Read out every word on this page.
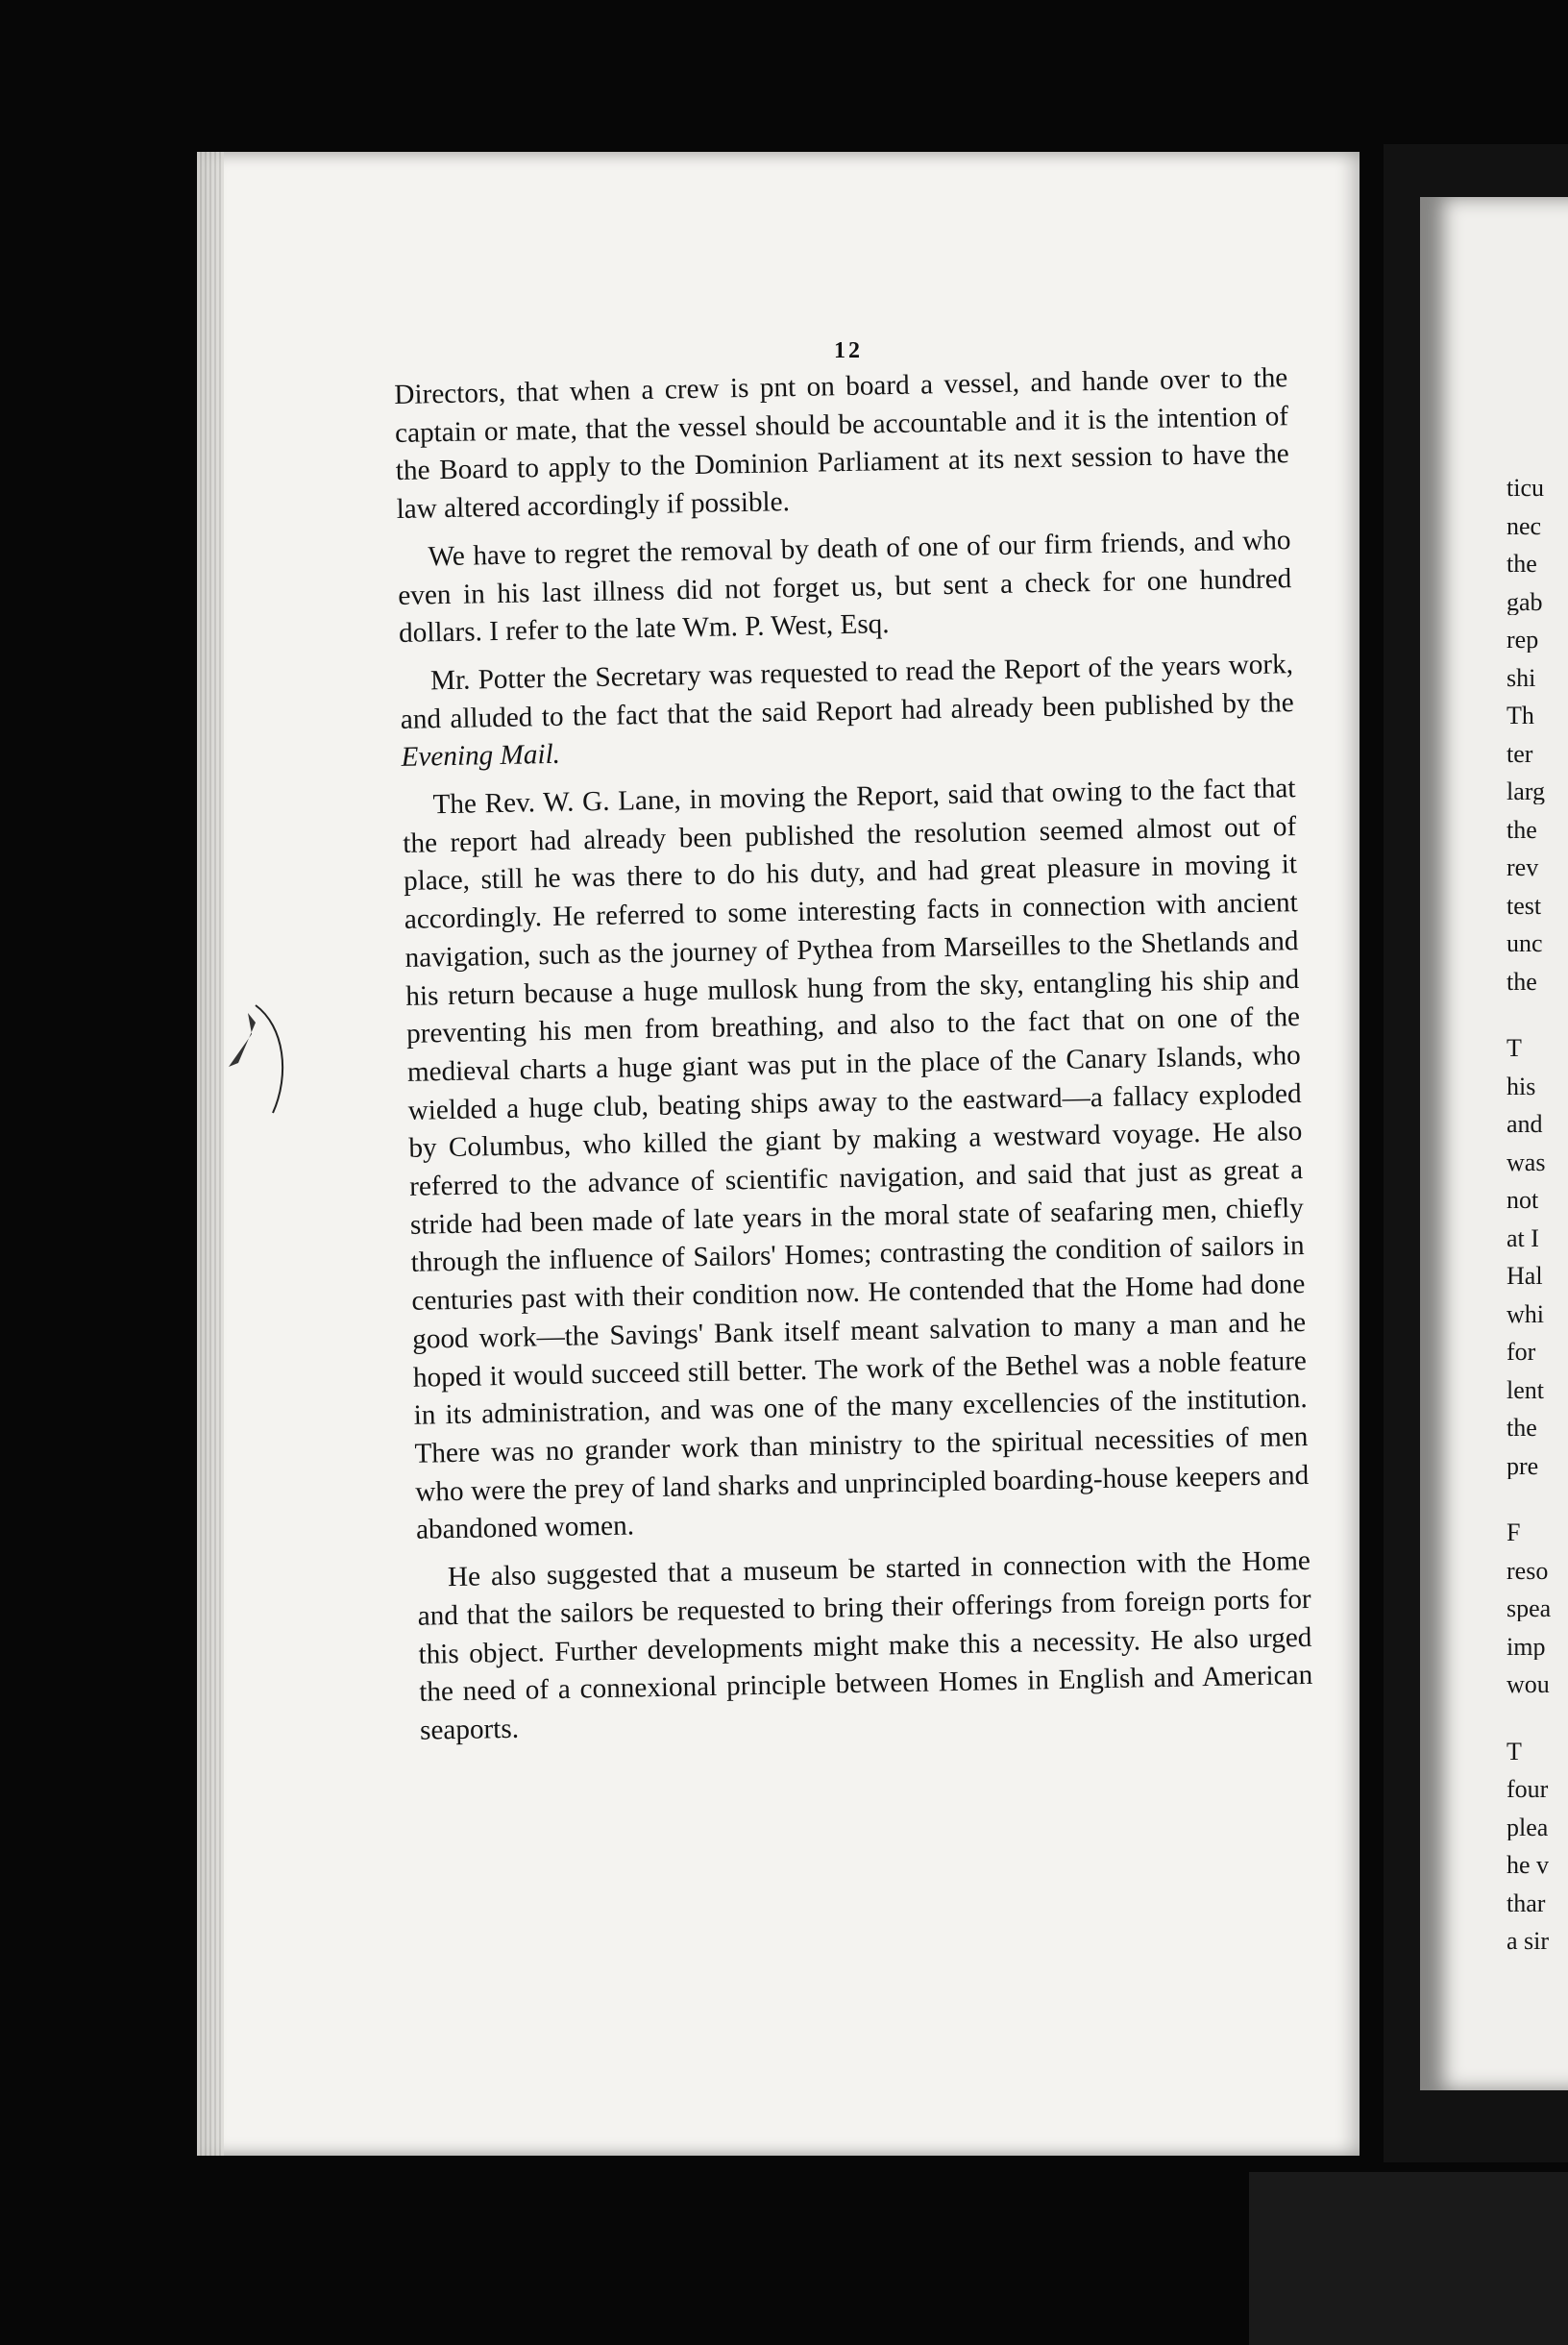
ticu
nec
the
gab
rep
shi
Th
ter
larg
the
rev
test
unc
the
T
his
and
was
not
at I
Hal
whi
for
lent
the
pre
F
reso
spea
imp
wou
T
four
plea
he v
thar
a sir
12

Directors, that when a crew is pnt on board a vessel, and hande over to the captain or mate, that the vessel should be accountable and it is the intention of the Board to apply to the Dominion Parliament at its next session to have the law altered accordingly if possible.

We have to regret the removal by death of one of our firm friends, and who even in his last illness did not forget us, but sent a check for one hundred dollars. I refer to the late Wm. P. West, Esq.

Mr. Potter the Secretary was requested to read the Report of the years work, and alluded to the fact that the said Report had already been published by the Evening Mail.

The Rev. W. G. Lane, in moving the Report, said that owing to the fact that the report had already been published the resolution seemed almost out of place, still he was there to do his duty, and had great pleasure in moving it accordingly. He referred to some interesting facts in connection with ancient navigation, such as the journey of Pythea from Marseilles to the Shetlands and his return because a huge mullosk hung from the sky, entangling his ship and preventing his men from breathing, and also to the fact that on one of the medieval charts a huge giant was put in the place of the Canary Islands, who wielded a huge club, beating ships away to the eastward—a fallacy exploded by Columbus, who killed the giant by making a westward voyage. He also referred to the advance of scientific navigation, and said that just as great a stride had been made of late years in the moral state of seafaring men, chiefly through the influence of Sailors' Homes; contrasting the condition of sailors in centuries past with their condition now. He contended that the Home had done good work—the Savings' Bank itself meant salvation to many a man and he hoped it would succeed still better. The work of the Bethel was a noble feature in its administration, and was one of the many excellencies of the institution. There was no grander work than ministry to the spiritual necessities of men who were the prey of land sharks and unprincipled boarding-house keepers and abandoned women.

He also suggested that a museum be started in connection with the Home and that the sailors be requested to bring their offerings from foreign ports for this object. Further developments might make this a necessity. He also urged the need of a connexional principle between Homes in English and American seaports.
